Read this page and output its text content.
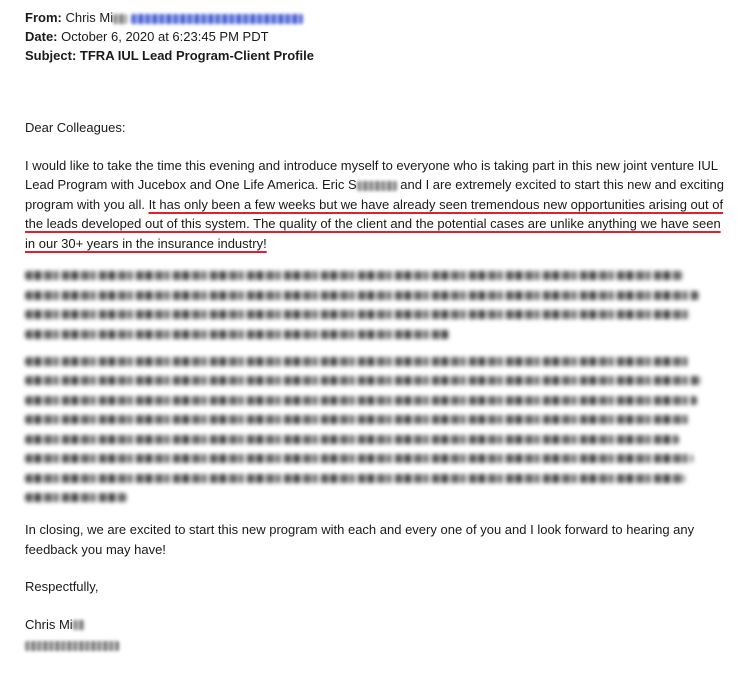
From: Chris Mi
Date: October 6, 2020 at 6:23:45 PM PDT
Subject: TFRA IUL Lead Program-Client Profile
Dear Colleagues:
I would like to take the time this evening and introduce myself to everyone who is taking part in this new joint venture IUL Lead Program with Jucebox and One Life America. Eric S	and I are extremely excited to start this new and exciting program with you all. It has only been a few weeks but we have already seen tremendous new opportunities arising out of the leads developed out of this system. The quality of the client and the potential cases are unlike anything we have seen in our 30+ years in the insurance industry!
In closing, we are excited to start this new program with each and every one of you and I look forward to hearing any feedback you may have!
Respectfully,
Chris Mi
